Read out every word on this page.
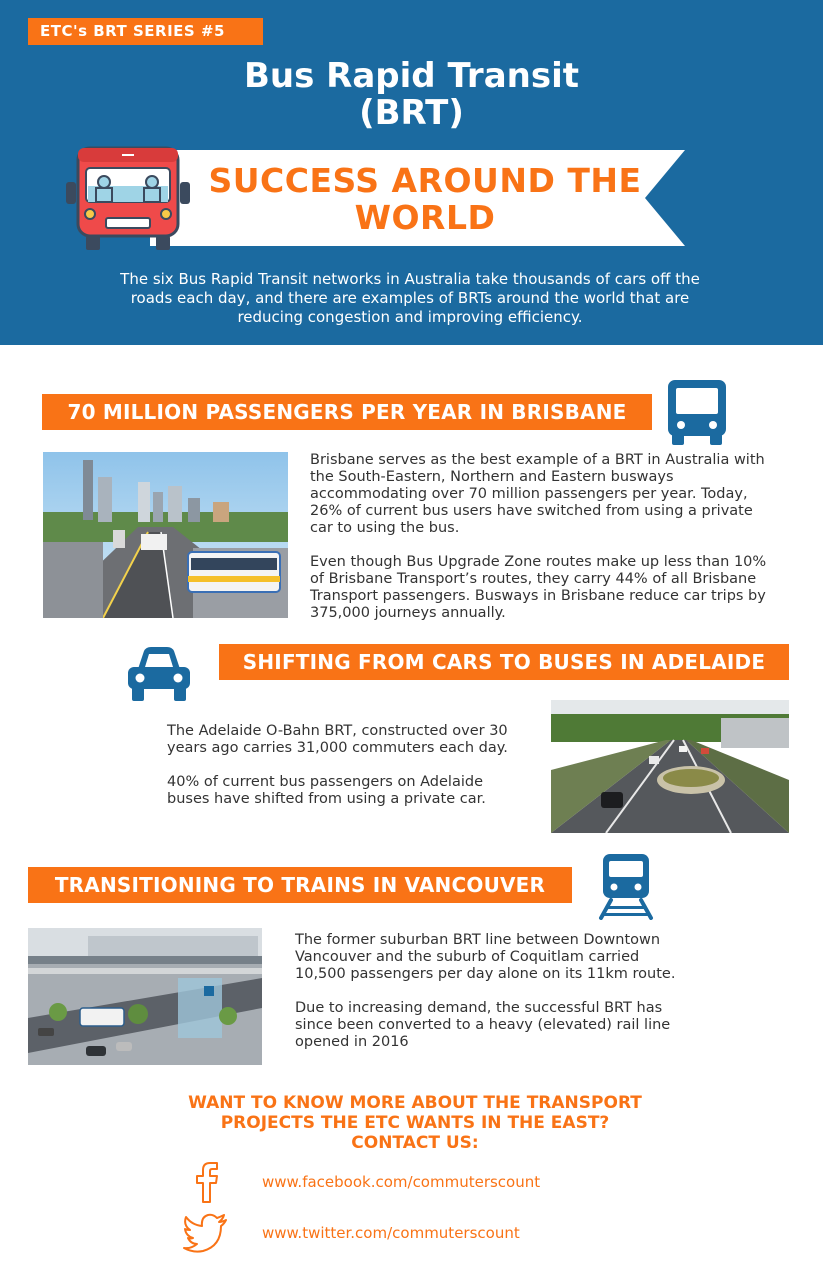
ETC's BRT SERIES #5
Bus Rapid Transit
(BRT)
SUCCESS AROUND THE
WORLD
The six Bus Rapid Transit networks in Australia take thousands of cars off the roads each day, and there are examples of BRTs around the world that are reducing congestion and improving efficiency.
70 MILLION PASSENGERS PER YEAR IN BRISBANE

Brisbane serves as the best example of a BRT in Australia with the South-Eastern, Northern and Eastern busways accommodating over 70 million passengers per year. Today, 26% of current bus users have switched from using a private car to using the bus.

Even though Bus Upgrade Zone routes make up less than 10% of Brisbane Transport’s routes, they carry 44% of all Brisbane Transport passengers. Busways in Brisbane reduce car trips by 375,000 journeys annually.

SHIFTING FROM CARS TO BUSES IN ADELAIDE

The Adelaide O-Bahn BRT, constructed over 30 years ago carries 31,000 commuters each day.

40% of current bus passengers on Adelaide buses have shifted from using a private car.

TRANSITIONING TO TRAINS IN VANCOUVER

The former suburban BRT line between Downtown Vancouver and the suburb of Coquitlam carried 10,500 passengers per day alone on its 11km route.

Due to increasing demand, the successful BRT has since been converted to a heavy (elevated) rail line opened in 2016

WANT TO KNOW MORE ABOUT THE TRANSPORT
PROJECTS THE ETC WANTS IN THE EAST?
CONTACT US:
www.facebook.com/commuterscount
www.twitter.com/commuterscount
